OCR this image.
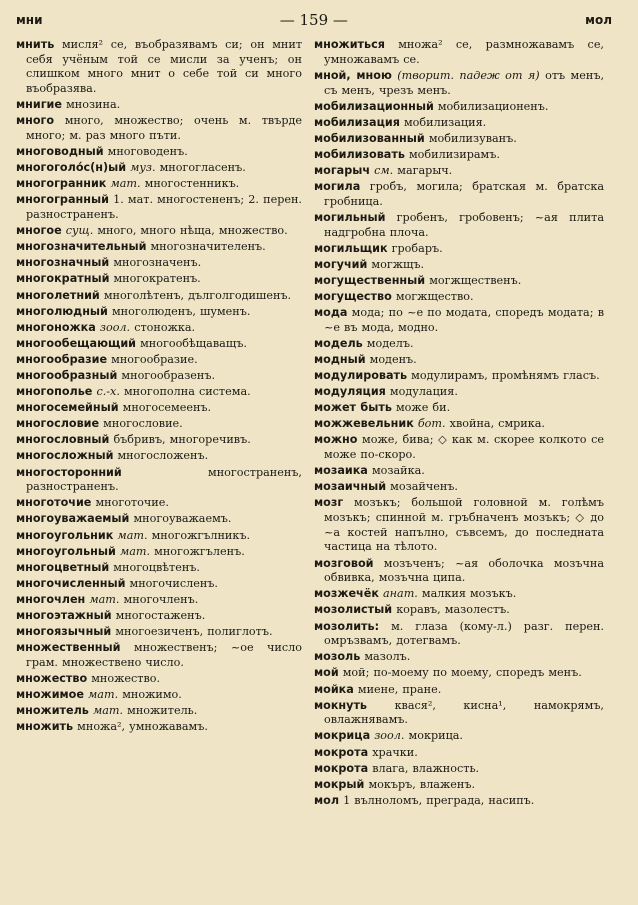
мни	— 159 —	мол

мнить мисля² се, въобразявамъ си; он мнит себя учёным той се мисли за ученъ; он слишком много мнит о себе той си много въобразява.

мнигие мнозина.

много много, множество; очень м. твърде много; м. раз много пъти.

многоводный многоводенъ.

многоголо́с(н)ый муз. многогласенъ.

многогранник мат. многостенникъ.

многогранный 1. мат. многостененъ; 2. перен. разностраненъ.

многое сущ. много, много нѣща, множество.

многозначительный многозначителенъ.

многозначный многозначенъ.

многократный многократенъ.

многолетний многолѣтенъ, дълголгодишенъ.

многолюдный многолюденъ, шуменъ.

многоножка зоол. стоножка.

многообещающий многообѣщаващъ.

многообразие многообразие.

многообразный многообразенъ.

многополье с.-х. многополна система.

многосемейный многосемеенъ.

многословие многословие.

многословный бъбривъ, многоречивъ.

многосложный многосложенъ.

многосторонний	многостраненъ, разностраненъ.

многоточие многоточие.

многоуважаемый многоуважаемъ.

многоугольник мат. многожгълникъ.

многоугольный мат. многожгъленъ.

многоцветный многоцвѣтенъ.

многочисленный многочисленъ.

многочлен мат. многочленъ.

многоэтажный многостаженъ.

многоязычный многоезиченъ, полиглотъ.

множественный множественъ; ~ое число грам. множествено число.

множество множество.

множимое мат. множимо.

множитель мат. множитель.

множить множа², умножавамъ.

множиться множа² се, размножавамъ се, умножавамъ се.

мной, мною (творит. падеж от я) отъ менъ, съ менъ, чрезъ менъ.

мобилизационный мобилизационенъ.

мобилизация мобилизация.

мобилизованный мобилизуванъ.

мобилизовать мобилизирамъ.

могарыч см. магарыч.

могила гробъ, могила; братская м. братска гробница.

могильный гробенъ, гробовенъ; ~ая плита надгробна плоча.

могильщик гробаръ.

могучий могжщъ.

могущественный могжщественъ.

могущество могжщество.

мода мода; по ~е по модата, споредъ модата; в ~е въ мода, модно.

модель моделъ.

модный моденъ.

модулировать модулирамъ, промѣнямъ гласъ.

модуляция модулация.

может быть може би.

можжевельник бот. хвойна, смрика.

можно може, бива; ◇ как м. скорее колкото се може по-скоро.

мозаика мозайка.

мозаичный мозайченъ.

мозг мозъкъ; большой головной м. голѣмъ мозъкъ; спинной м. гръбначенъ мозъкъ; ◇ до ~а костей напълно, съвсемъ, до последната частица на тѣлото.

мозговой мозъченъ; ~ая оболочка мозъчна обвивка, мозъчна ципа.

мозжечёк анат. малкия мозъкъ.

мозолистый коравъ, мазолестъ.

мозолить: м. глаза (кому-л.) разг. перен. омръзвамъ, дотегвамъ.

мозоль мазолъ.

мой мой; по-моему по моему, споредъ менъ.

мойка миене, пране.

мокнуть квася², кисна¹, намокрямъ, овлажнявамъ.

мокрица зоол. мокрица.

мокрота храчки.

мокрота влага, влажность.

мокрый мокъръ, влаженъ.

мол 1 вълноломъ, преграда, насипъ.
